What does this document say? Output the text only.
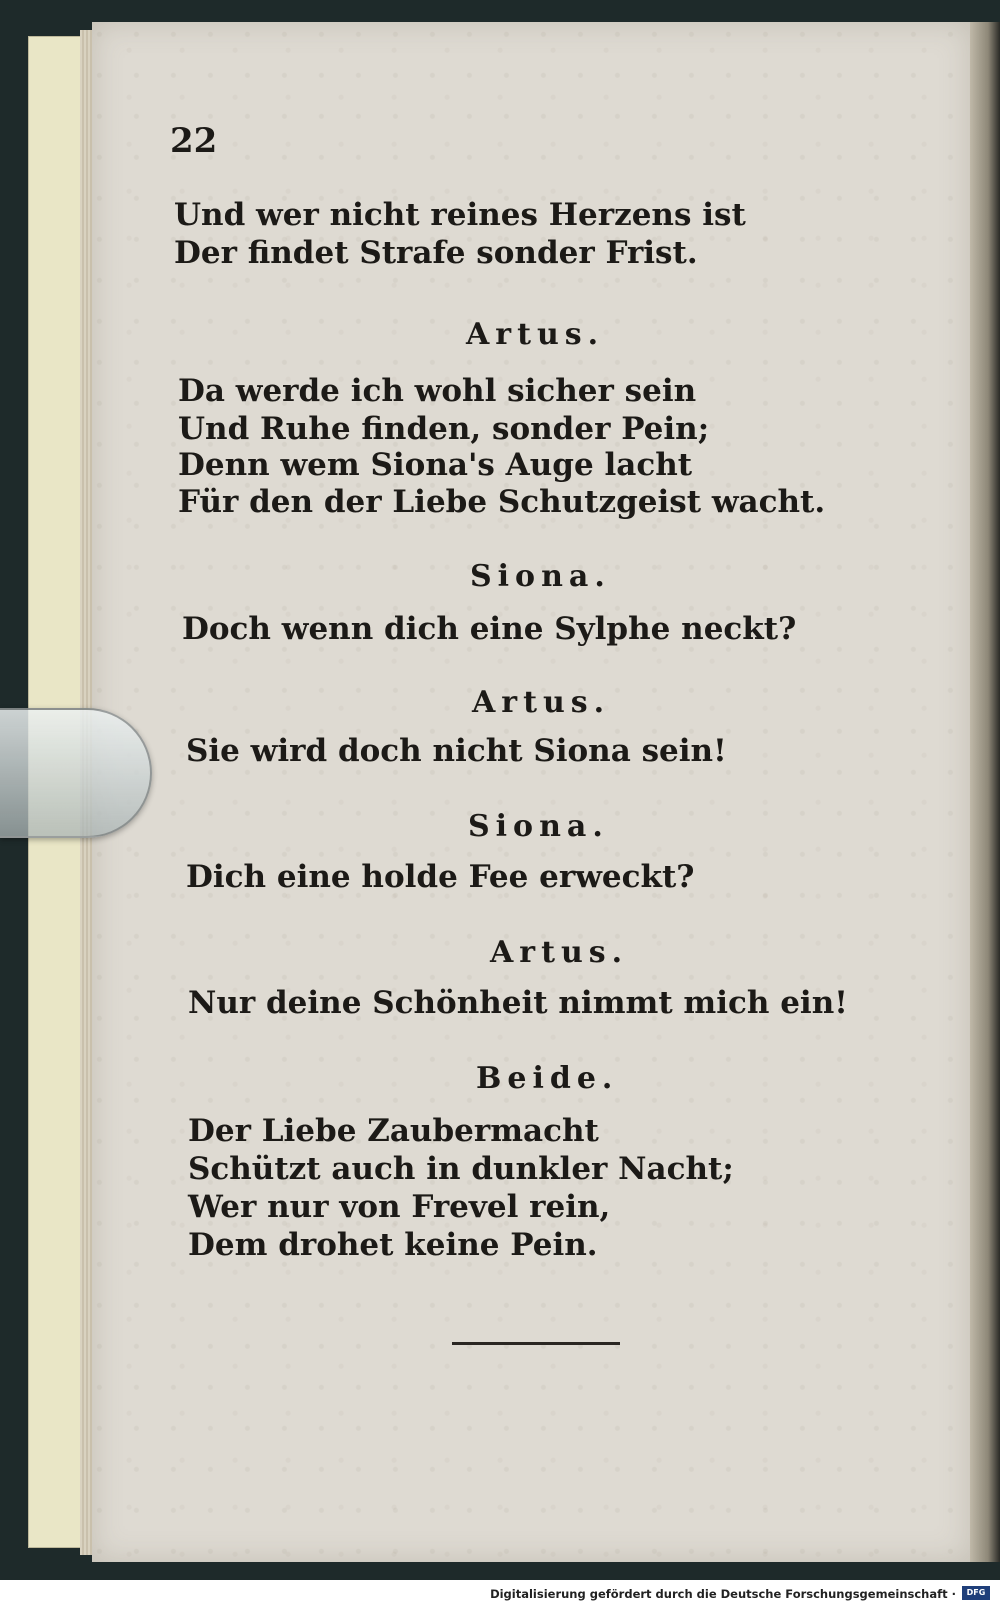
22
Und wer nicht reines Herzens ist
Der findet Strafe sonder Frist.
Artus.
Da werde ich wohl sicher sein
Und Ruhe finden, sonder Pein;
Denn wem Siona's Auge lacht
Für den der Liebe Schutzgeist wacht.
Siona.
Doch wenn dich eine Sylphe neckt?
Artus.
Sie wird doch nicht Siona sein!
Siona.
Dich eine holde Fee erweckt?
Artus.
Nur deine Schönheit nimmt mich ein!
Beide.
Der Liebe Zaubermacht
Schützt auch in dunkler Nacht;
Wer nur von Frevel rein,
Dem drohet keine Pein.
Digitalisierung gefördert durch die Deutsche Forschungsgemeinschaft ·	DFG
